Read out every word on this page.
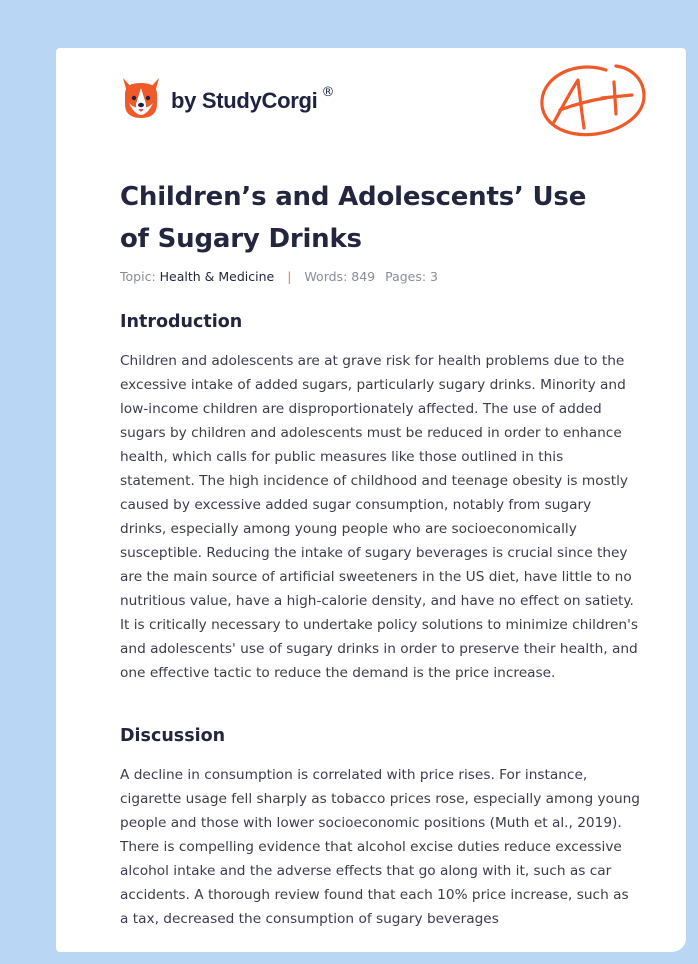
by StudyCorgi ®
Children’s and Adolescents’ Use of Sugary Drinks
Topic: Health & Medicine | Words: 849 Pages: 3
Introduction

Children and adolescents are at grave risk for health problems due to the excessive intake of added sugars, particularly sugary drinks. Minority and low-income children are disproportionately affected. The use of added sugars by children and adolescents must be reduced in order to enhance health, which calls for public measures like those outlined in this statement. The high incidence of childhood and teenage obesity is mostly caused by excessive added sugar consumption, notably from sugary drinks, especially among young people who are socioeconomically susceptible. Reducing the intake of sugary beverages is crucial since they are the main source of artificial sweeteners in the US diet, have little to no nutritious value, have a high-calorie density, and have no effect on satiety. It is critically necessary to undertake policy solutions to minimize children's and adolescents' use of sugary drinks in order to preserve their health, and one effective tactic to reduce the demand is the price increase.

Discussion

A decline in consumption is correlated with price rises. For instance, cigarette usage fell sharply as tobacco prices rose, especially among young people and those with lower socioeconomic positions (Muth et al., 2019). There is compelling evidence that alcohol excise duties reduce excessive alcohol intake and the adverse effects that go along with it, such as car accidents. A thorough review found that each 10% price increase, such as a tax, decreased the consumption of sugary beverages
